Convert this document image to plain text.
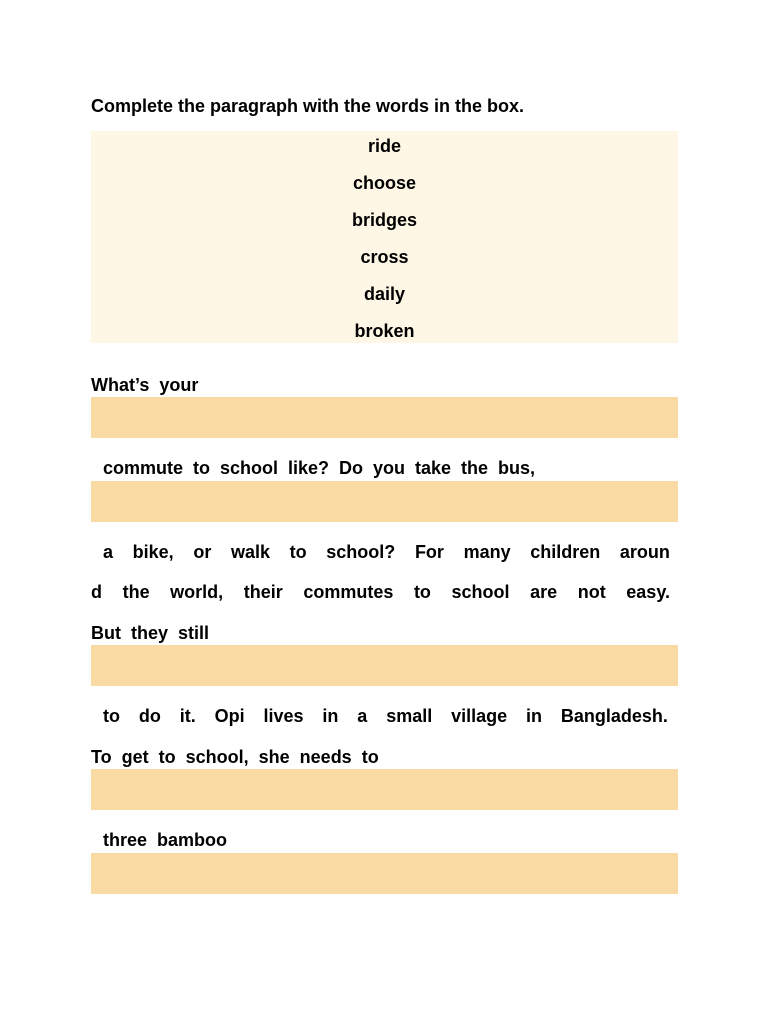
Complete the paragraph with the words in the box.
ride
choose
bridges
cross
daily
broken
What’s your
commute to school like? Do you take the bus,
a bike, or walk to school? For many children aroun
d the world, their commutes to school are not easy.
But they still
to do it. Opi lives in a small village in Bangladesh.
To get to school, she needs to
three bamboo
